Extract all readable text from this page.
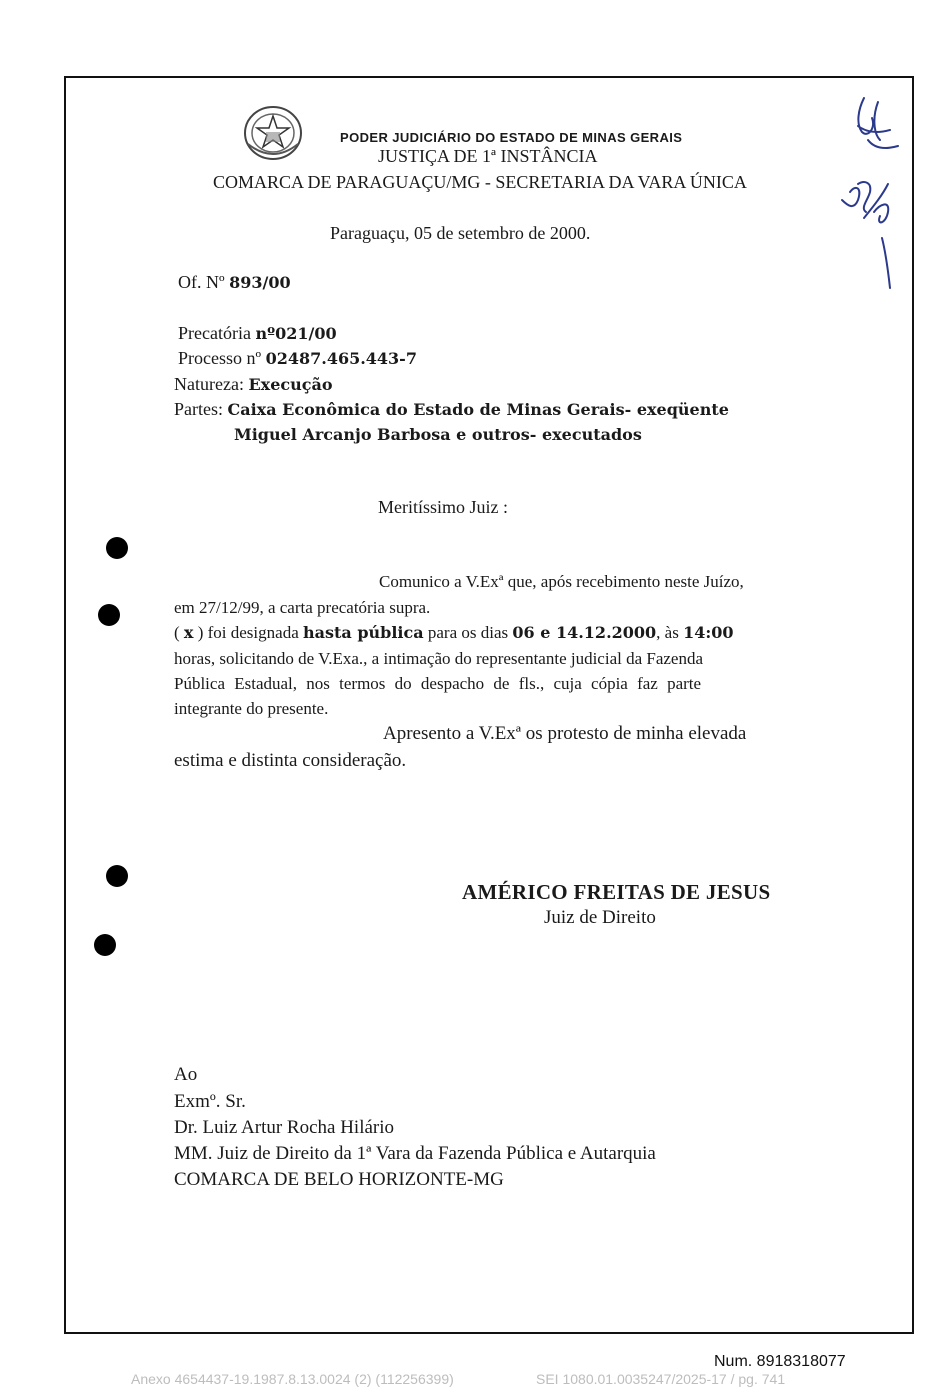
PODER JUDICIÁRIO DO ESTADO DE MINAS GERAIS
JUSTIÇA DE 1ª INSTÂNCIA
COMARCA DE PARAGUAÇU/MG - SECRETARIA DA VARA ÚNICA
Paraguaçu, 05 de setembro de 2000.
Of. Nº 893/00
Precatória nº021/00
Processo nº 02487.465.443-7
Natureza: Execução
Partes: Caixa Econômica do Estado de Minas Gerais- exeqüente
Miguel Arcanjo Barbosa e outros- executados
Meritíssimo Juiz :
Comunico a V.Exª que, após recebimento neste Juízo,
em 27/12/99, a carta precatória supra.
( x ) foi designada hasta pública para os dias 06 e 14.12.2000, às 14:00
horas, solicitando de V.Exa., a intimação do representante judicial da Fazenda
Pública Estadual, nos termos do despacho de fls., cuja cópia faz parte
integrante do presente.
Apresento a V.Exª os protesto de minha elevada
estima e distinta consideração.
AMÉRICO FREITAS DE JESUS
Juiz de Direito
Ao
Exmº. Sr.
Dr. Luiz Artur Rocha Hilário
MM. Juiz de Direito da 1ª Vara da Fazenda Pública e Autarquia
COMARCA DE BELO HORIZONTE-MG
Num. 8918318077
Anexo 4654437-19.1987.8.13.0024 (2) (112256399)	SEI 1080.01.0035247/2025-17 / pg. 741
